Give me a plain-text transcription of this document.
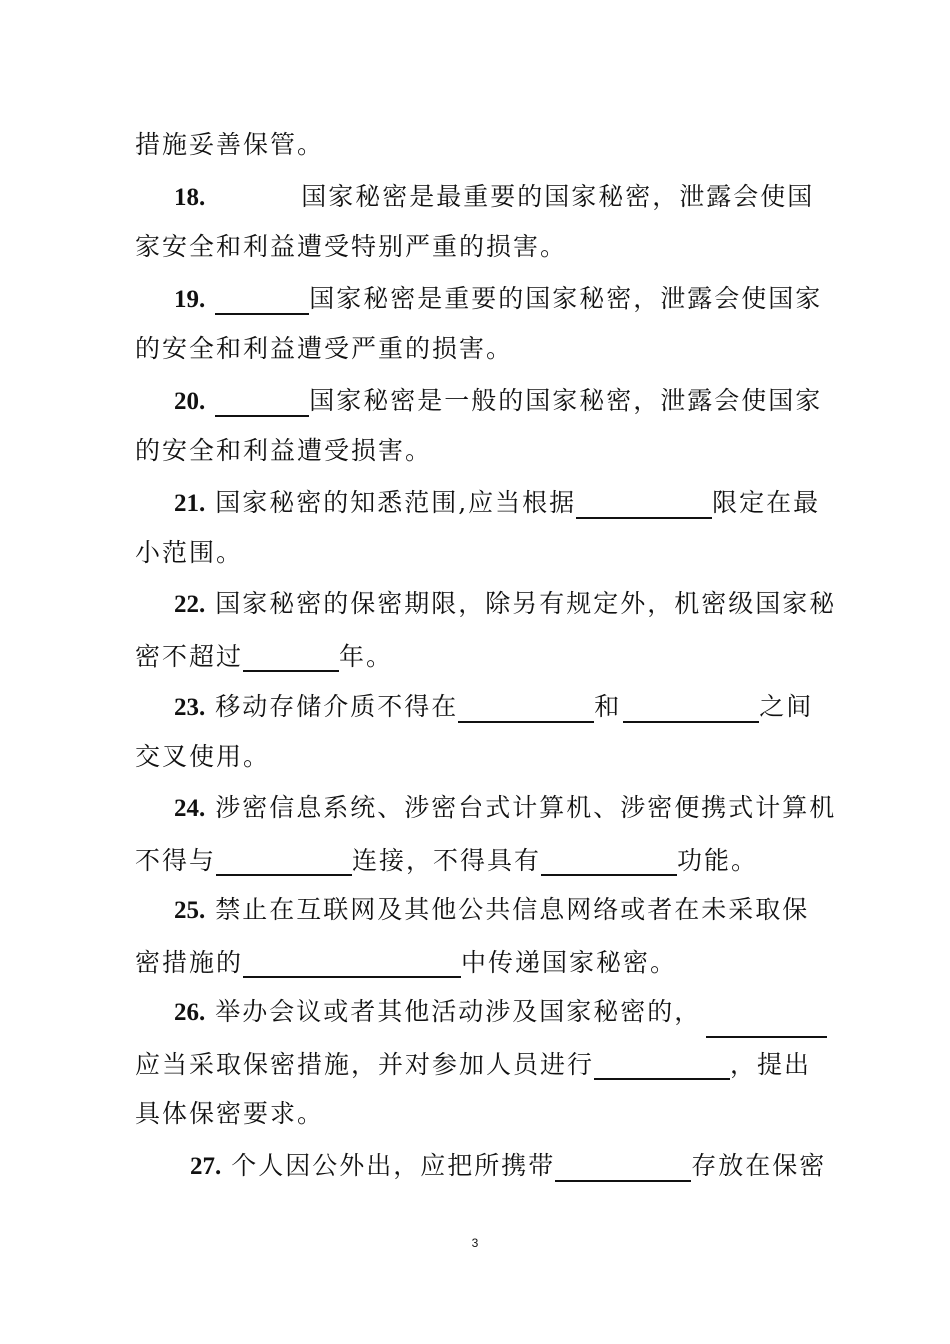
措施妥善保管。
18.	国家秘密是最重要的国家秘密，泄露会使国
家安全和利益遭受特别严重的损害。
19.	国家秘密是重要的国家秘密，泄露会使国家
的安全和利益遭受严重的损害。
20.	国家秘密是一般的国家秘密，泄露会使国家
的安全和利益遭受损害。
21. 国家秘密的知悉范围,应当根据	限定在最
小范围。
22. 国家秘密的保密期限，除另有规定外，机密级国家秘
密不超过	年。
23. 移动存储介质不得在	和	之间
交叉使用。
24. 涉密信息系统、涉密台式计算机、涉密便携式计算机
不得与	连接，不得具有	功能。
25. 禁止在互联网及其他公共信息网络或者在未采取保
密措施的	中传递国家秘密。
26. 举办会议或者其他活动涉及国家秘密的，
应当采取保密措施，并对参加人员进行	，提出
具体保密要求。
27. 个人因公外出，应把所携带	存放在保密
3
